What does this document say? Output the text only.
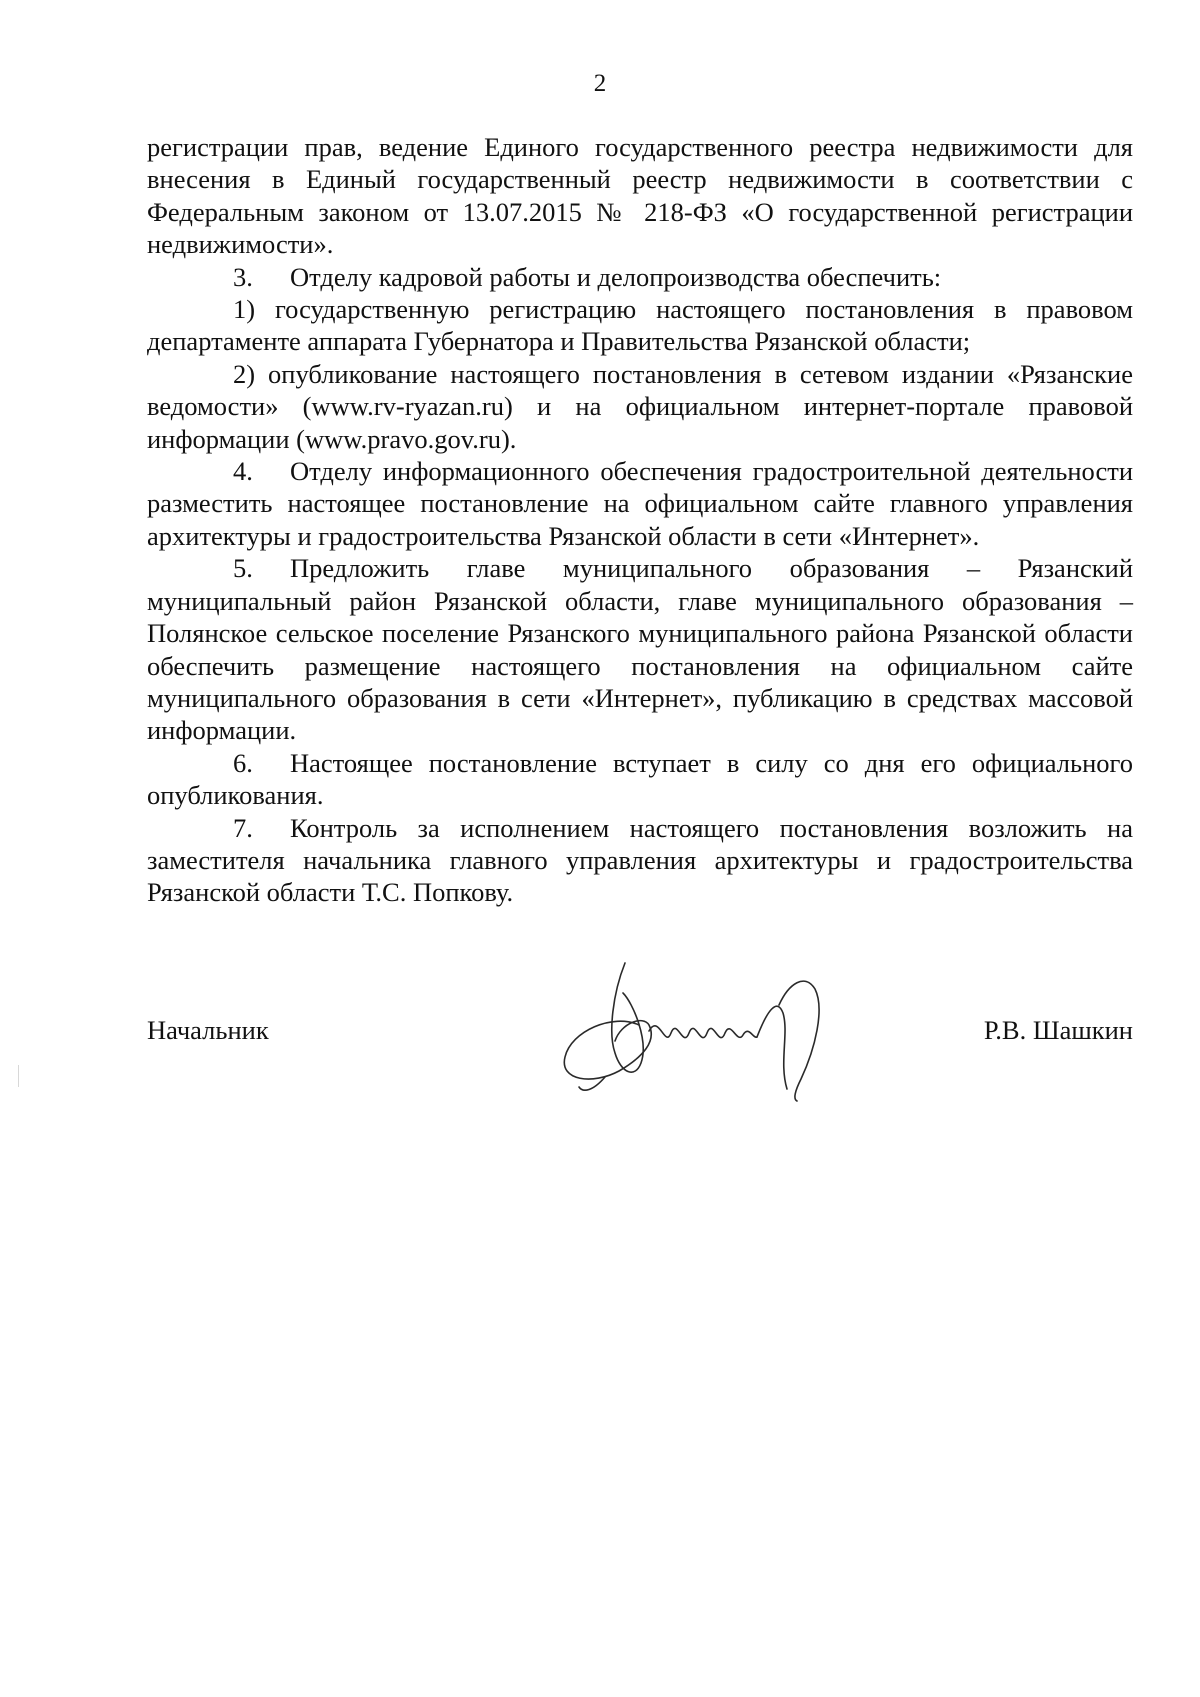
2

регистрации прав, ведение Единого государственного реестра недвижимости для внесения в Единый государственный реестр недвижимости в соответствии с Федеральным законом от 13.07.2015 № 218-ФЗ «О государственной регистрации недвижимости».

3. Отделу кадровой работы и делопроизводства обеспечить:

1) государственную регистрацию настоящего постановления в правовом департаменте аппарата Губернатора и Правительства Рязанской области;

2) опубликование настоящего постановления в сетевом издании «Рязанские ведомости» (www.rv-ryazan.ru) и на официальном интернет-портале правовой информации (www.pravo.gov.ru).

4. Отделу информационного обеспечения градостроительной деятельности разместить настоящее постановление на официальном сайте главного управления архитектуры и градостроительства Рязанской области в сети «Интернет».

5. Предложить главе муниципального образования – Рязанский муниципальный район Рязанской области, главе муниципального образования – Полянское сельское поселение Рязанского муниципального района Рязанской области обеспечить размещение настоящего постановления на официальном сайте муниципального образования в сети «Интернет», публикацию в средствах массовой информации.

6. Настоящее постановление вступает в силу со дня его официального опубликования.

7. Контроль за исполнением настоящего постановления возложить на заместителя начальника главного управления архитектуры и градостроительства Рязанской области Т.С. Попкову.

Начальник	Р.В. Шашкин
